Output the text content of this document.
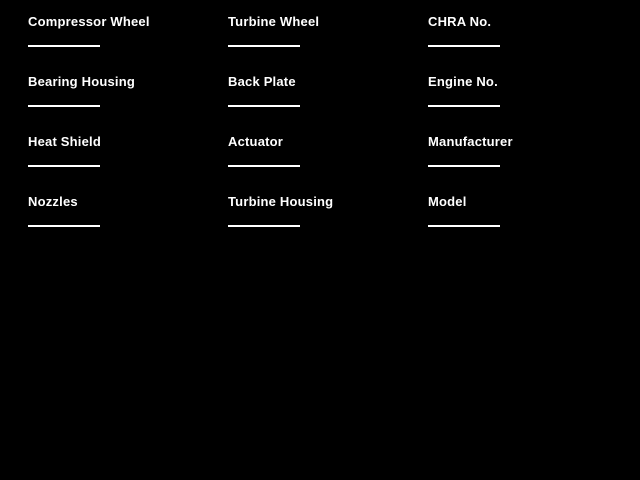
Compressor Wheel	Turbine Wheel	CHRA No.
Bearing Housing	Back Plate	Engine No.
Heat Shield	Actuator	Manufacturer
Nozzles	Turbine Housing	Model
